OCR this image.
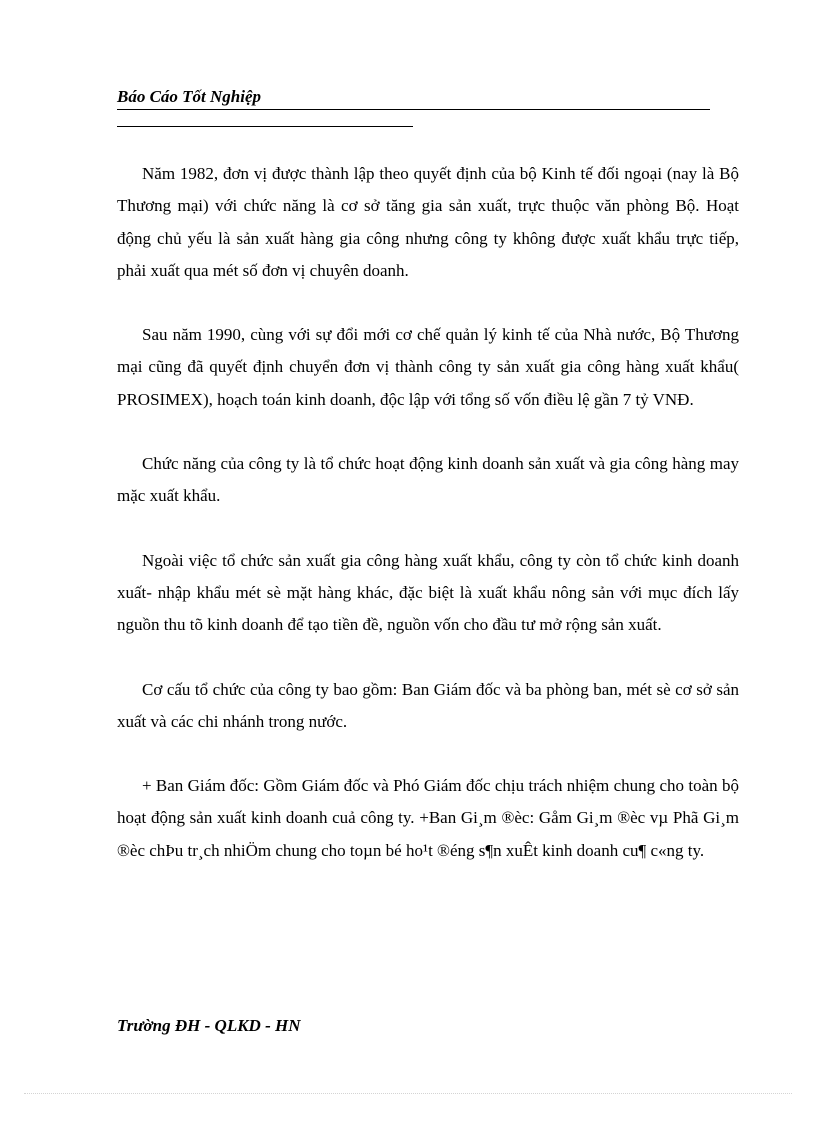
Báo Cáo Tốt Nghiệp

Năm 1982, đơn vị được thành lập theo quyết định của bộ Kinh tế đối ngoại (nay là Bộ Thương mại) với chức năng là cơ sở tăng gia sản xuất, trực thuộc văn phòng Bộ. Hoạt động chủ yếu là sản xuất hàng gia công nhưng công ty không được xuất khẩu trực tiếp, phải xuất qua mét số đơn vị chuyên doanh.

Sau năm 1990, cùng với sự đổi mới cơ chế quản lý kinh tế của Nhà nước, Bộ Thương mại cũng đã quyết định chuyển đơn vị thành công ty sản xuất gia công hàng xuất khẩu( PROSIMEX), hoạch toán kinh doanh, độc lập với tổng số vốn điều lệ gần 7 tỷ VNĐ.

Chức năng của công ty là tổ chức hoạt động kinh doanh sản xuất và gia công hàng may mặc xuất khẩu.

Ngoài việc tổ chức sản xuất gia công hàng xuất khẩu, công ty còn tổ chức kinh doanh xuất- nhập khẩu mét sè mặt hàng khác, đặc biệt là xuất khẩu nông sản với mục đích lấy nguồn thu tõ kinh doanh để tạo tiền đề, nguồn vốn cho đầu tư mở rộng sản xuất.

Cơ cấu tổ chức của công ty bao gồm: Ban Giám đốc và ba phòng ban, mét sè cơ sở sản xuất và các chi nhánh trong nước.

+ Ban Giám đốc: Gồm Giám đốc và Phó Giám đốc chịu trách nhiệm chung cho toàn bộ hoạt động sản xuất kinh doanh cuả công ty. +Ban Gi¸m ®èc: Gåm Gi¸m ®èc vµ Phã Gi¸m ®èc chÞu tr¸ch nhiÖm chung cho toµn bé ho¹t ®éng s¶n xuÊt kinh doanh cu¶ c«ng ty.

Trường ĐH - QLKD - HN
